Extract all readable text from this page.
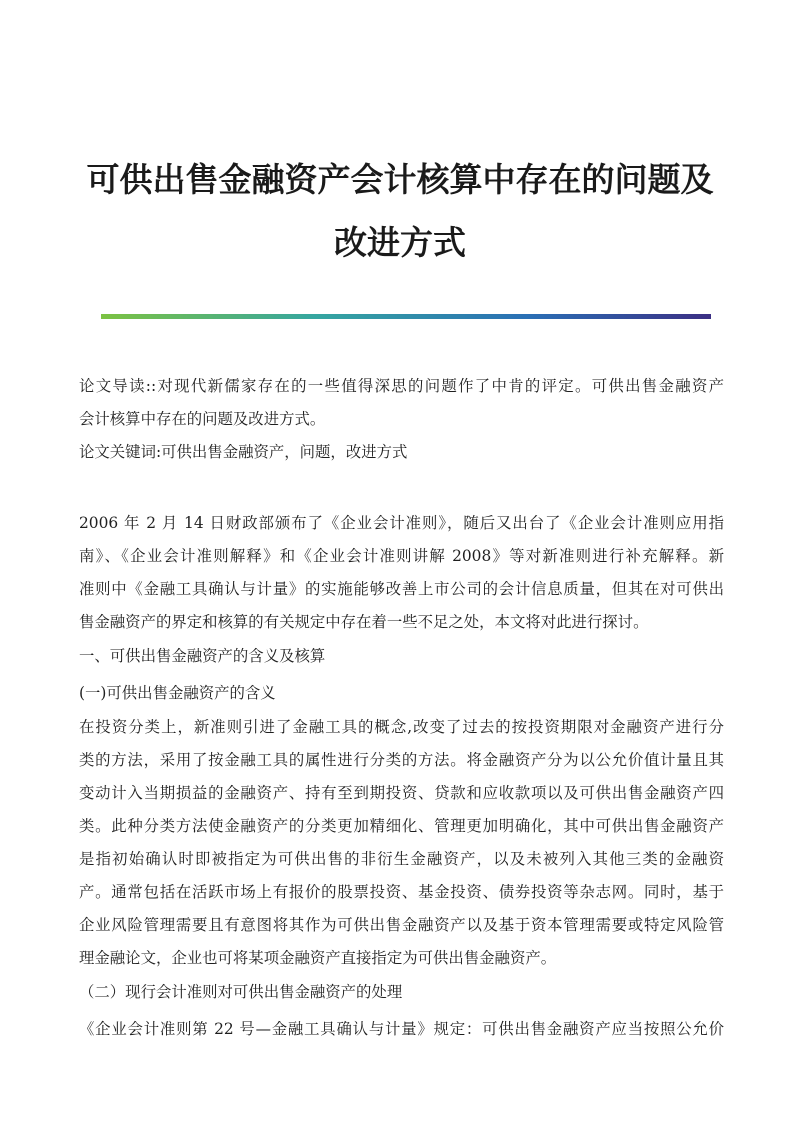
可供出售金融资产会计核算中存在的问题及
改进方式
论文导读::对现代新儒家存在的一些值得深思的问题作了中肯的评定。可供出售金融资产
会计核算中存在的问题及改进方式。
论文关键词:可供出售金融资产，问题，改进方式
2006 年 2 月 14 日财政部颁布了《企业会计准则》，随后又出台了《企业会计准则应用指
南》、《企业会计准则解释》和《企业会计准则讲解 2008》等对新准则进行补充解释。新
准则中《金融工具确认与计量》的实施能够改善上市公司的会计信息质量，但其在对可供出
售金融资产的界定和核算的有关规定中存在着一些不足之处，本文将对此进行探讨。
一、可供出售金融资产的含义及核算
(一)可供出售金融资产的含义
在投资分类上，新准则引进了金融工具的概念,改变了过去的按投资期限对金融资产进行分
类的方法，采用了按金融工具的属性进行分类的方法。将金融资产分为以公允价值计量且其
变动计入当期损益的金融资产、持有至到期投资、贷款和应收款项以及可供出售金融资产四
类。此种分类方法使金融资产的分类更加精细化、管理更加明确化，其中可供出售金融资产
是指初始确认时即被指定为可供出售的非衍生金融资产，以及未被列入其他三类的金融资
产。通常包括在活跃市场上有报价的股票投资、基金投资、债券投资等杂志网。同时，基于
企业风险管理需要且有意图将其作为可供出售金融资产以及基于资本管理需要或特定风险管
理金融论文，企业也可将某项金融资产直接指定为可供出售金融资产。
（二）现行会计准则对可供出售金融资产的处理
《企业会计准则第 22 号—金融工具确认与计量》规定：可供出售金融资产应当按照公允价
